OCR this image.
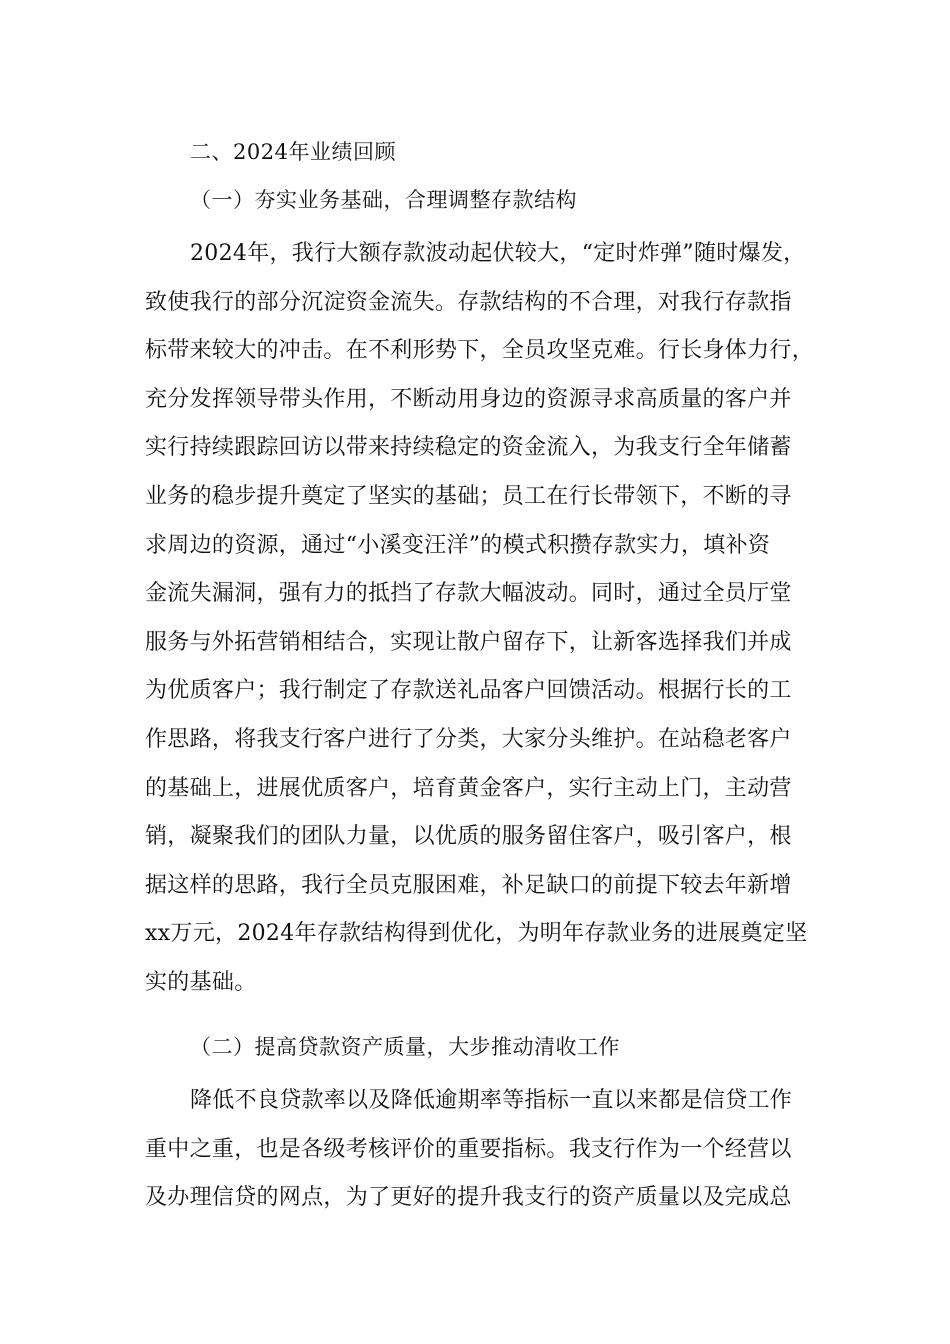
二、2024年业绩回顾
（一）夯实业务基础，合理调整存款结构
2024年，我行大额存款波动起伏较大，“定时炸弹”随时爆发，
致使我行的部分沉淀资金流失。存款结构的不合理，对我行存款指
标带来较大的冲击。在不利形势下，全员攻坚克难。行长身体力行，
充分发挥领导带头作用，不断动用身边的资源寻求高质量的客户并
实行持续跟踪回访以带来持续稳定的资金流入，为我支行全年储蓄
业务的稳步提升奠定了坚实的基础；员工在行长带领下，不断的寻
求周边的资源，通过“小溪变汪洋”的模式积攒存款实力，填补资
金流失漏洞，强有力的抵挡了存款大幅波动。同时，通过全员厅堂
服务与外拓营销相结合，实现让散户留存下，让新客选择我们并成
为优质客户；我行制定了存款送礼品客户回馈活动。根据行长的工
作思路，将我支行客户进行了分类，大家分头维护。在站稳老客户
的基础上，进展优质客户，培育黄金客户，实行主动上门，主动营
销，凝聚我们的团队力量，以优质的服务留住客户，吸引客户，根
据这样的思路，我行全员克服困难，补足缺口的前提下较去年新增
xx万元，2024年存款结构得到优化，为明年存款业务的进展奠定坚
实的基础。
（二）提高贷款资产质量，大步推动清收工作
降低不良贷款率以及降低逾期率等指标一直以来都是信贷工作
重中之重，也是各级考核评价的重要指标。我支行作为一个经营以
及办理信贷的网点，为了更好的提升我支行的资产质量以及完成总
